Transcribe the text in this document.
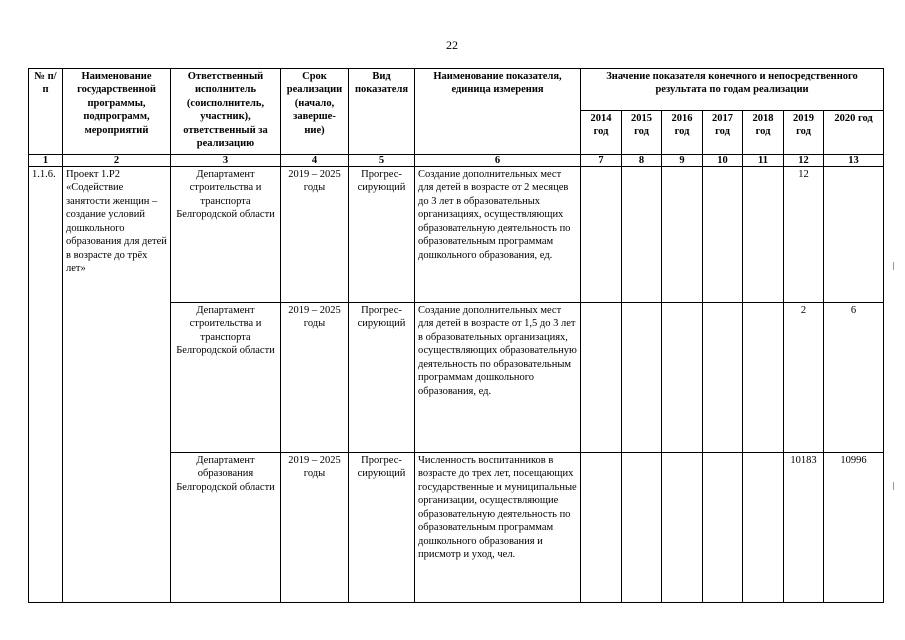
22
№ п/п	Наименование государственной программы, подпрограмм, мероприятий	Ответственный исполнитель (соисполнитель, участник), ответственный за реализацию	Срок реализации (начало, заверше-ние)	Вид показателя	Наименование показателя, единица измерения	Значение показателя конечного и непосредственного результата по годам реализации						
						2014 год	2015 год	2016 год	2017 год	2018 год	2019 год	2020 год
1	2	3	4	5	6	7	8	9	10	11	12	13
1.1.6.	Проект 1.Р2 «Содействие занятости женщин – создание условий дошкольного образования для детей в возрасте до трёх лет»	Департамент строительства и транспорта Белгородской области	2019 – 2025 годы	Прогрес-сирующий	Создание дополнительных мест для детей в возрасте от 2 месяцев до 3 лет в образовательных организациях, осуществляющих образовательную деятельность по образовательным программам дошкольного образования, ед.						12	
		Департамент строительства и транспорта Белгородской области	2019 – 2025 годы	Прогрес-сирующий	Создание дополнительных мест для детей в возрасте от 1,5 до 3 лет в образовательных организациях, осуществляющих образовательную деятельность по образовательным программам дошкольного образования, ед.						2	6
		Департамент образования Белгородской области	2019 – 2025 годы	Прогрес-сирующий	Численность воспитанников в возрасте до трех лет, посещающих государственные и муниципальные организации, осуществляющие образовательную деятельность по образовательным программам дошкольного образования и присмотр и уход, чел.						10183	10996
